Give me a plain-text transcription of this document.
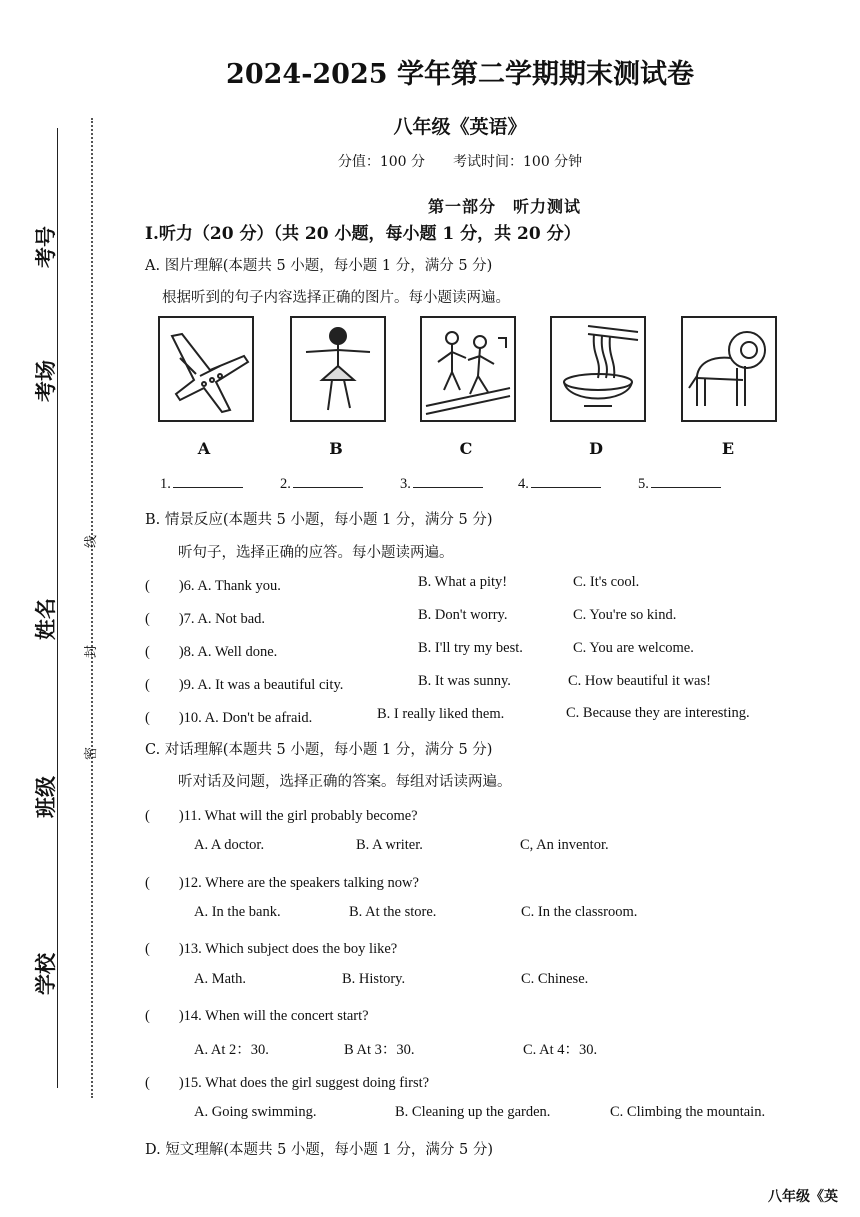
考号
考场
姓名
班级
学校
线
封
密
2024-2025 学年第二学期期末测试卷
八年级《英语》
分值：100 分　　考试时间：100 分钟
第一部分　听力测试
Ⅰ.听力（20 分）（共 20 小题，每小题 1 分，共 20 分）
A. 图片理解(本题共 5 小题，每小题 1 分，满分 5 分)
根据听到的句子内容选择正确的图片。每小题读两遍。
A	B	C	D	E
1.	2.	3.	4.	5.
B. 情景反应(本题共 5 小题，每小题 1 分，满分 5 分)
听句子，选择正确的应答。每小题读两遍。
(　　)6. A. Thank you.	B. What a pity!	C. It's cool.
(　　)7. A. Not bad.	B. Don't worry.	C. You're so kind.
(　　)8. A. Well done.	B. I'll try my best.	C. You are welcome.
(　　)9. A. It was a beautiful city.	B. It was sunny.	C. How beautiful it was!
(　　)10. A. Don't be afraid.	B. I really liked them.	C. Because they are interesting.
C. 对话理解(本题共 5 小题，每小题 1 分，满分 5 分)
听对话及问题，选择正确的答案。每组对话读两遍。
(　　)11. What will the girl probably become?
A. A doctor.	B. A writer.	C, An inventor.
(　　)12. Where are the speakers talking now?
A. In the bank.	B. At the store.	C. In the classroom.
(　　)13. Which subject does the boy like?
A. Math.	B. History.	C. Chinese.
(　　)14. When will the concert start?
A. At 2：30.	B At 3：30.	C. At 4：30.
(　　)15. What does the girl suggest doing first?
A. Going swimming.	B. Cleaning up the garden.	C. Climbing the mountain.
D. 短文理解(本题共 5 小题，每小题 1 分，满分 5 分)
八年级《英
